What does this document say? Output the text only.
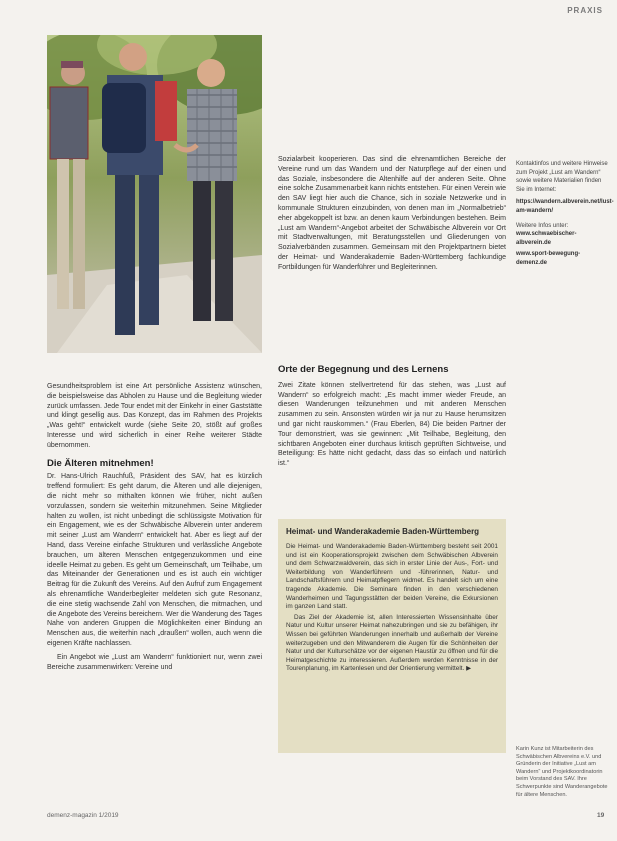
PRAXIS

Gesundheitsproblem ist eine Art persönliche Assistenz wünschen, die beispielsweise das Abholen zu Hause und die Begleitung wieder zurück umfassen. Jede Tour endet mit der Einkehr in einer Gaststätte und klingt gesellig aus. Das Konzept, das im Rahmen des Projekts „Was geht!“ entwickelt wurde (siehe Seite 20, stößt auf großes Interesse und wird sicherlich in einer Reihe weiterer Städte übernommen.

Die Älteren mitnehmen!

Dr. Hans-Ulrich Rauchfuß, Präsident des SAV, hat es kürzlich treffend formuliert: Es geht darum, die Älteren und alle diejenigen, die nicht mehr so mithalten können wie früher, nicht außen vorzulassen, sondern sie weiterhin mitzunehmen. Seine Mitglieder halten zu wollen, ist nicht unbedingt die schlüssigste Motivation für ein Engagement, wie es der Schwäbische Albverein unter anderem mit seiner „Lust am Wandern“ entwickelt hat. Aber es liegt auf der Hand, dass Vereine einfache Strukturen und verlässliche Angebote brauchen, um älteren Menschen entgegenzukommen und eine ideelle Heimat zu geben. Es geht um Gemeinschaft, um Teilhabe, um das Miteinander der Generationen und es ist auch ein wichtiger Beitrag für die Zukunft des Vereins. Auf den Aufruf zum Engagement als ehrenamtliche Wanderbegleiter meldeten sich gute Resonanz, die eine stetig wachsende Zahl von Menschen, die mitmachen, und die Angebote des Vereins bereichern. Wer die Wanderung des Tages Nahe von anderen Gruppen die Möglichkeiten einer Bindung an Menschen aus, die weiterhin nach „draußen“ wollen, auch wenn die eigenen Kräfte nachlassen.

Ein Angebot wie „Lust am Wandern“ funktioniert nur, wenn zwei Bereiche zusammenwirken: Vereine und

Sozialarbeit kooperieren. Das sind die ehrenamtlichen Bereiche der Vereine rund um das Wandern und der Naturpflege auf der einen und das Soziale, insbesondere die Altenhilfe auf der anderen Seite. Ohne eine solche Zusammenarbeit kann nichts entstehen. Für einen Verein wie den SAV liegt hier auch die Chance, sich in soziale Netzwerke und in kommunale Strukturen einzubinden, von denen man im „Normalbetrieb“ eher abgekoppelt ist bzw. an denen kaum Verbindungen bestehen. Beim „Lust am Wandern“-Angebot arbeitet der Schwäbische Albverein vor Ort mit Stadtverwaltungen, mit Beratungsstellen und Gliederungen von Sozialverbänden zusammen. Gemeinsam mit den Projektpartnern bietet der Heimat- und Wanderakademie Baden-Württemberg fachkundige Fortbildungen für Wanderführer und Begleiterinnen.

Orte der Begegnung und des Lernens

Zwei Zitate können stellvertretend für das stehen, was „Lust auf Wandern“ so erfolgreich macht: „Es macht immer wieder Freude, an diesen Wanderungen teilzunehmen und mit anderen Menschen zusammen zu sein. Ansonsten würden wir ja nur zu Hause herumsitzen und gar nicht rauskommen.“ (Frau Eberlen, 84) Die beiden Partner der Tour demonstriert, was sie gewinnen: „Mit Teilhabe, Begleitung, den sichtbaren Angeboten einer durchaus kritisch geprüften Sichtweise, und Beteiligung: Es hätte nicht gedacht, dass das so einfach und natürlich ist.“

Kontaktinfos und weitere Hinweise zum Projekt „Lust am Wandern“ sowie weitere Materialien finden Sie im Internet:
https://wandern.albverein.net/lust-am-wandern/
Weitere Infos unter:
www.schwaebischer-albverein.de
www.sport-bewegung-demenz.de
Heimat- und Wanderakademie Baden-Württemberg

Die Heimat- und Wanderakademie Baden-Württemberg besteht seit 2001 und ist ein Kooperationsprojekt zwischen dem Schwäbischen Albverein und dem Schwarzwaldverein, das sich in erster Linie der Aus-, Fort- und Weiterbildung von Wanderführern und -führerinnen, Natur- und Landschaftsführern und Heimatpflegern widmet. Es handelt sich um eine tragende Akademie. Die Seminare finden in den verschiedenen Wanderheimen und Tagungsstätten der beiden Vereine, die Exkursionen im ganzen Land statt.

Das Ziel der Akademie ist, allen Interessierten Wissensinhalte über Natur und Kultur unserer Heimat nahezubringen und sie zu befähigen, ihr Wissen bei geführten Wanderungen innerhalb und außerhalb der Vereine weiterzugeben und den Mitwanderern die Augen für die Schönheiten der Natur und der Kulturschätze vor der eigenen Haustür zu öffnen und für die Heimatgeschichte zu interessieren. Außerdem werden Kenntnisse in der Tourenplanung, im Kartenlesen und der Orientierung vermittelt. ▶

Karin Kunz ist Mitarbeiterin des Schwäbischen Albvereins e.V. und Gründerin der Initiative „Lust am Wandern“ und Projektkoordinatorin beim Vorstand des SAV. Ihre Schwerpunkte sind Wanderangebote für ältere Menschen.
demenz-magazin 1/2019	19
